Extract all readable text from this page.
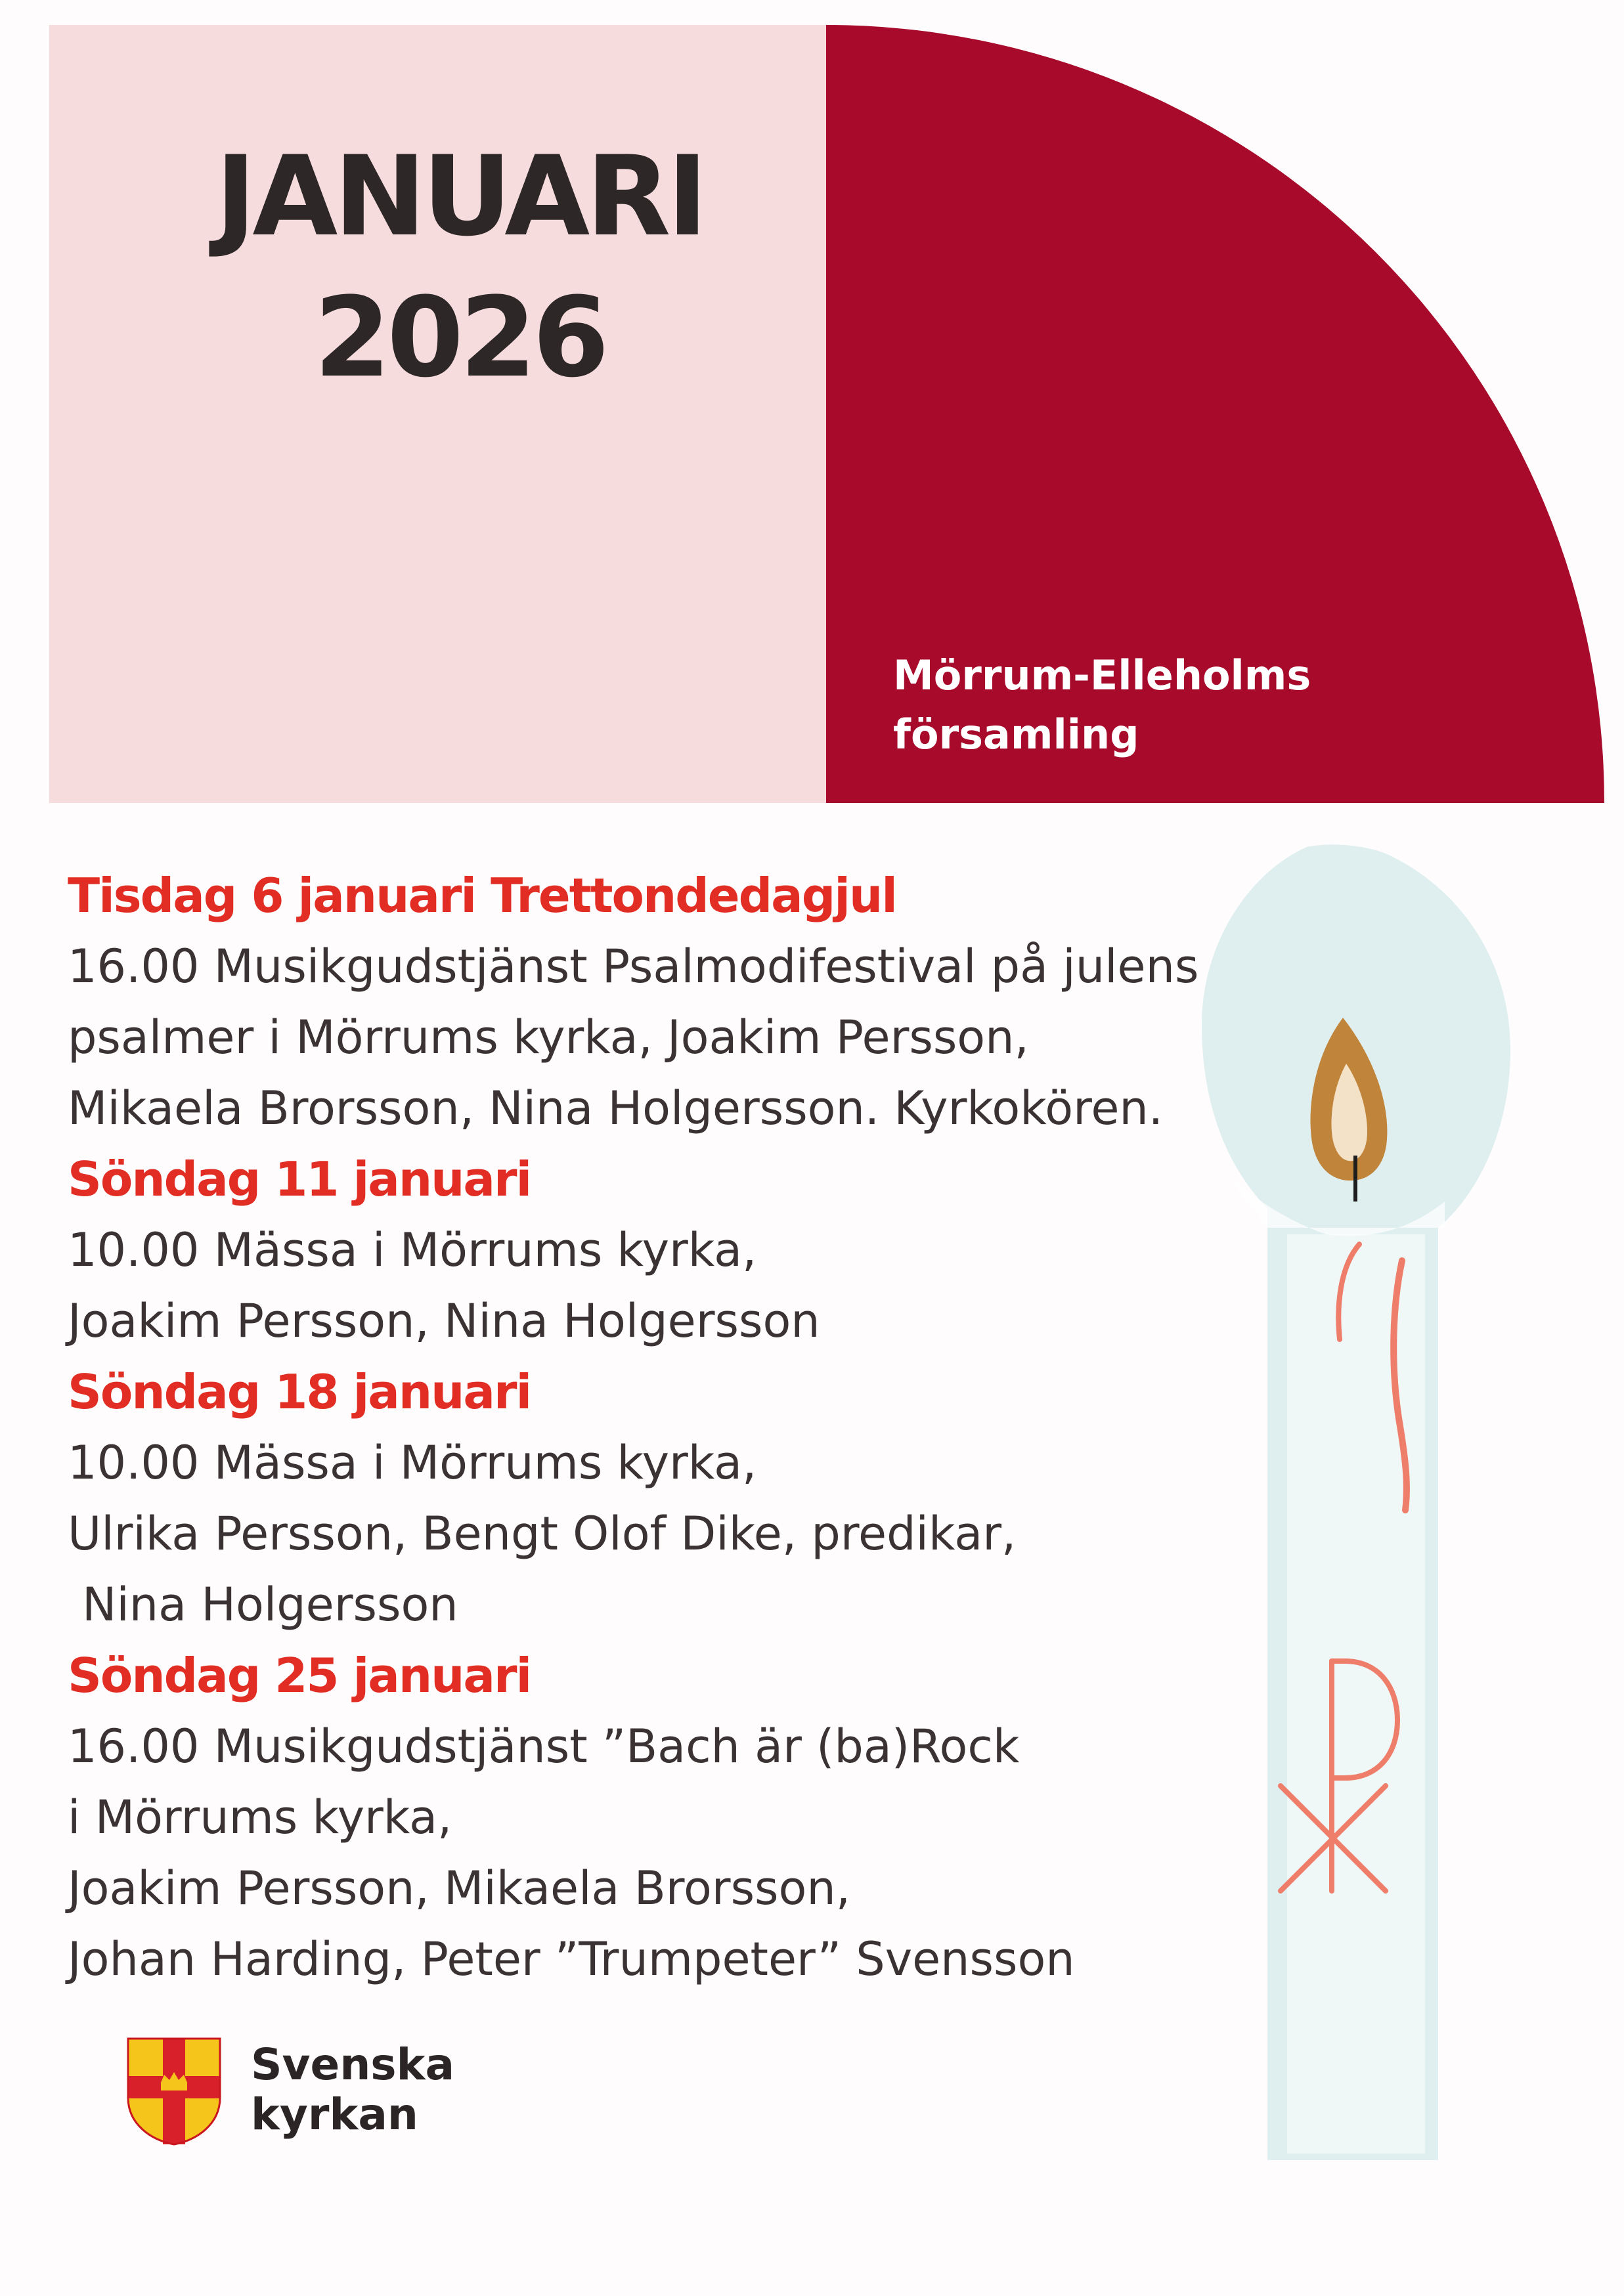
JANUARI
2026
Mörrum-Elleholms
församling
Tisdag 6 januari Trettondedagjul
16.00 Musikgudstjänst Psalmodifestival på julens
psalmer i Mörrums kyrka, Joakim Persson,
Mikaela Brorsson, Nina Holgersson. Kyrkokören.
Söndag 11 januari
10.00 Mässa i Mörrums kyrka,
Joakim Persson, Nina Holgersson
Söndag 18 januari
10.00 Mässa i Mörrums kyrka,
Ulrika Persson, Bengt Olof Dike, predikar,
Nina Holgersson
Söndag 25 januari
16.00 Musikgudstjänst ”Bach är (ba)Rock
i Mörrums kyrka,
Joakim Persson, Mikaela Brorsson,
Johan Harding, Peter ”Trumpeter” Svensson
Svenska
kyrkan
